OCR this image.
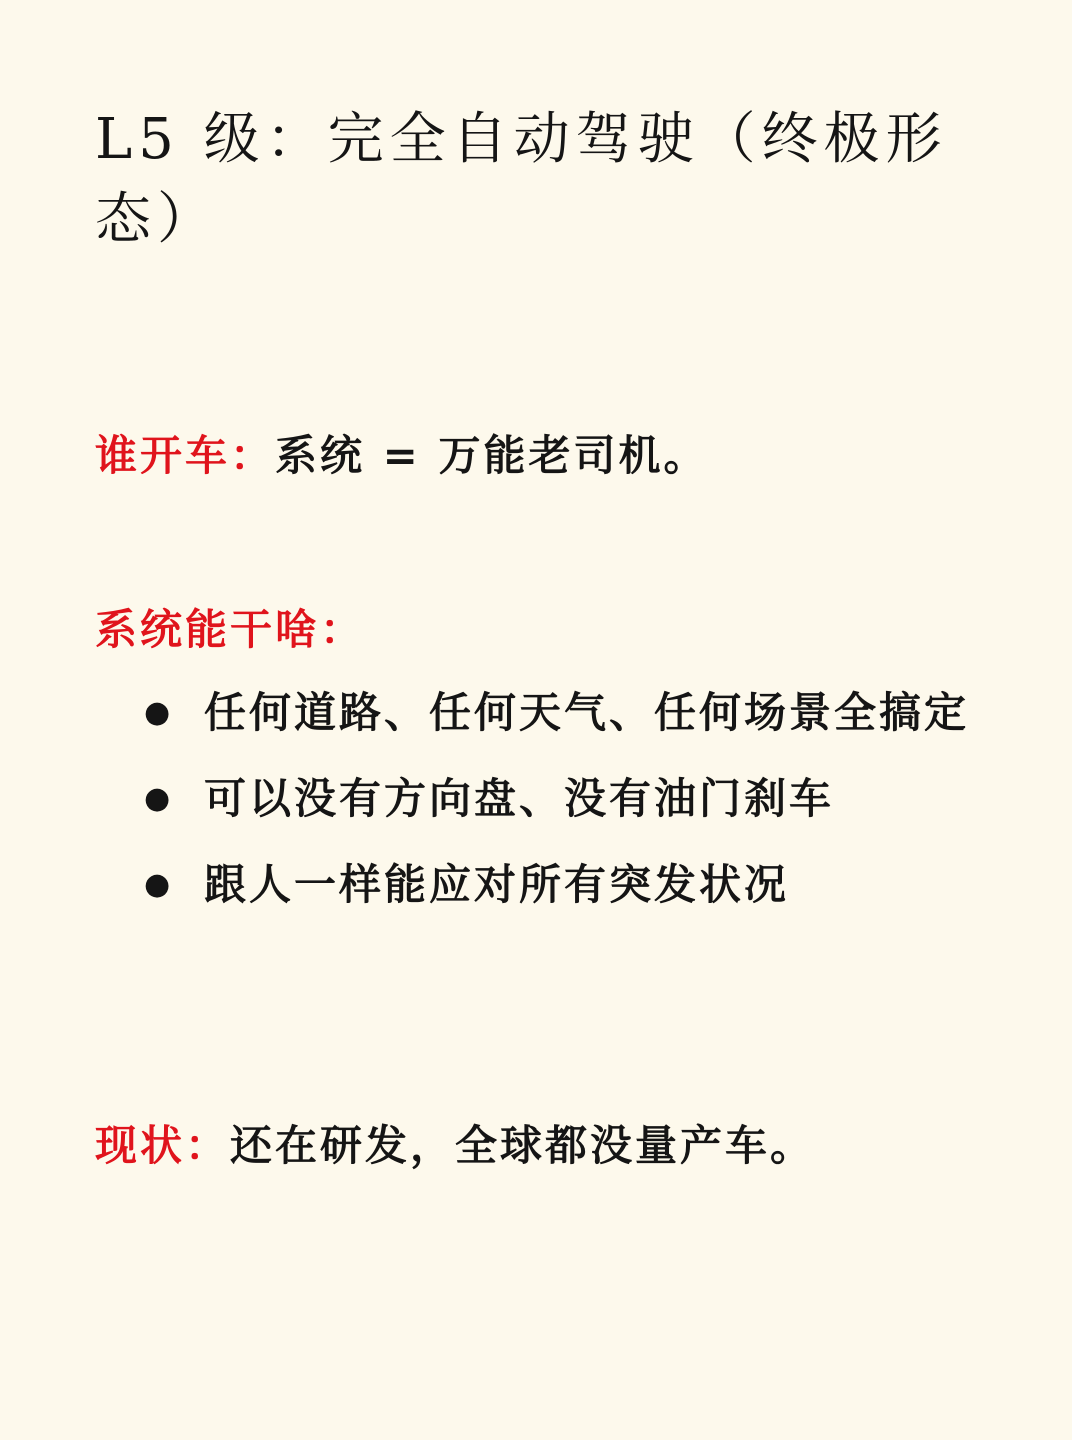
L5 级：完全自动驾驶（终极形态）
谁开车：系统 = 万能老司机。
系统能干啥：
● 任何道路、任何天气、任何场景全搞定
● 可以没有方向盘、没有油门刹车
● 跟人一样能应对所有突发状况
现状：还在研发，全球都没量产车。
